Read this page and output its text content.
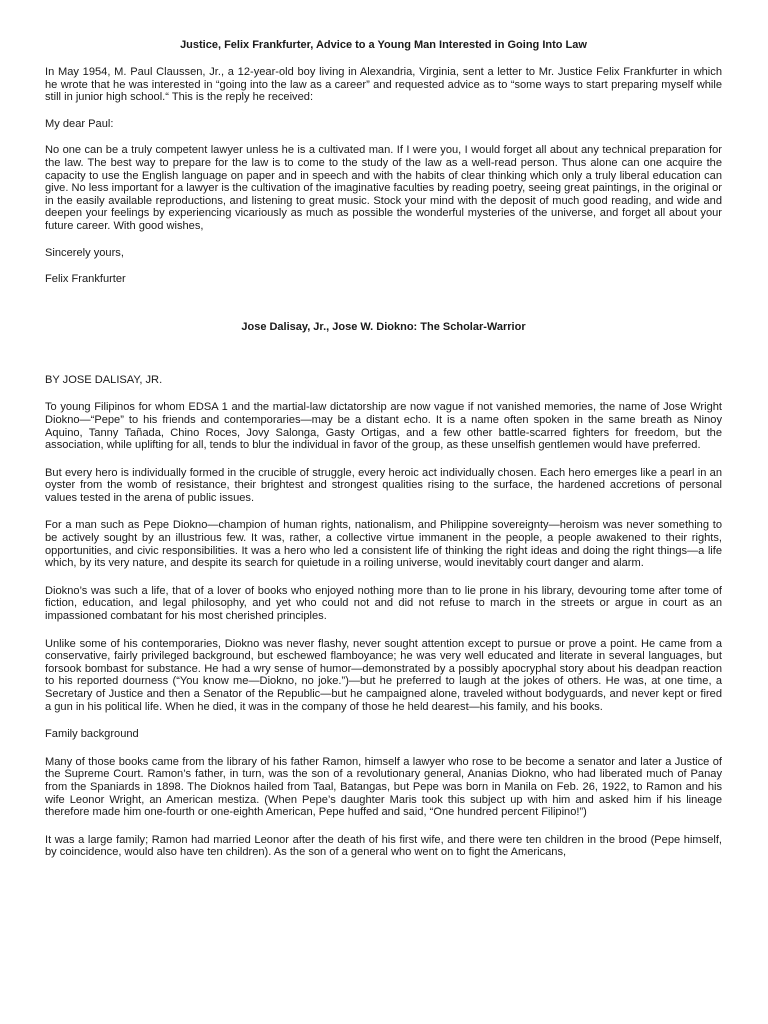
Justice, Felix Frankfurter, Advice to a Young Man Interested in Going Into Law

In May 1954, M. Paul Claussen, Jr., a 12-year-old boy living in Alexandria, Virginia, sent a letter to Mr. Justice Felix Frankfurter in which he wrote that he was interested in “going into the law as a career” and requested advice as to “some ways to start preparing myself while still in junior high school.“ This is the reply he received:

My dear Paul:

No one can be a truly competent lawyer unless he is a cultivated man. If I were you, I would forget all about any technical preparation for the law. The best way to prepare for the law is to come to the study of the law as a well-read person. Thus alone can one acquire the capacity to use the English language on paper and in speech and with the habits of clear thinking which only a truly liberal education can give. No less important for a lawyer is the cultivation of the imaginative faculties by reading poetry, seeing great paintings, in the original or in the easily available reproductions, and listening to great music. Stock your mind with the deposit of much good reading, and wide and deepen your feelings by experiencing vicariously as much as possible the wonderful mysteries of the universe, and forget all about your future career. With good wishes,

Sincerely yours,

Felix Frankfurter

Jose Dalisay, Jr., Jose W. Diokno: The Scholar-Warrior

BY JOSE DALISAY, JR.

To young Filipinos for whom EDSA 1 and the martial-law dictatorship are now vague if not vanished memories, the name of Jose Wright Diokno—“Pepe” to his friends and contemporaries—may be a distant echo. It is a name often spoken in the same breath as Ninoy Aquino, Tanny Tañada, Chino Roces, Jovy Salonga, Gasty Ortigas, and a few other battle-scarred fighters for freedom, but the association, while uplifting for all, tends to blur the individual in favor of the group, as these unselfish gentlemen would have preferred.

But every hero is individually formed in the crucible of struggle, every heroic act individually chosen. Each hero emerges like a pearl in an oyster from the womb of resistance, their brightest and strongest qualities rising to the surface, the hardened accretions of personal values tested in the arena of public issues.

For a man such as Pepe Diokno—champion of human rights, nationalism, and Philippine sovereignty—heroism was never something to be actively sought by an illustrious few. It was, rather, a collective virtue immanent in the people, a people awakened to their rights, opportunities, and civic responsibilities. It was a hero who led a consistent life of thinking the right ideas and doing the right things—a life which, by its very nature, and despite its search for quietude in a roiling universe, would inevitably court danger and alarm.

Diokno’s was such a life, that of a lover of books who enjoyed nothing more than to lie prone in his library, devouring tome after tome of fiction, education, and legal philosophy, and yet who could not and did not refuse to march in the streets or argue in court as an impassioned combatant for his most cherished principles.

Unlike some of his contemporaries, Diokno was never flashy, never sought attention except to pursue or prove a point. He came from a conservative, fairly privileged background, but eschewed flamboyance; he was very well educated and literate in several languages, but forsook bombast for substance. He had a wry sense of humor—demonstrated by a possibly apocryphal story about his deadpan reaction to his reported dourness (“You know me—Diokno, no joke.”)—but he preferred to laugh at the jokes of others. He was, at one time, a Secretary of Justice and then a Senator of the Republic—but he campaigned alone, traveled without bodyguards, and never kept or fired a gun in his political life. When he died, it was in the company of those he held dearest—his family, and his books.

Family background

Many of those books came from the library of his father Ramon, himself a lawyer who rose to be become a senator and later a Justice of the Supreme Court. Ramon’s father, in turn, was the son of a revolutionary general, Ananias Diokno, who had liberated much of Panay from the Spaniards in 1898. The Dioknos hailed from Taal, Batangas, but Pepe was born in Manila on Feb. 26, 1922, to Ramon and his wife Leonor Wright, an American mestiza. (When Pepe’s daughter Maris took this subject up with him and asked him if his lineage therefore made him one-fourth or one-eighth American, Pepe huffed and said, “One hundred percent Filipino!”)

It was a large family; Ramon had married Leonor after the death of his first wife, and there were ten children in the brood (Pepe himself, by coincidence, would also have ten children). As the son of a general who went on to fight the Americans,
